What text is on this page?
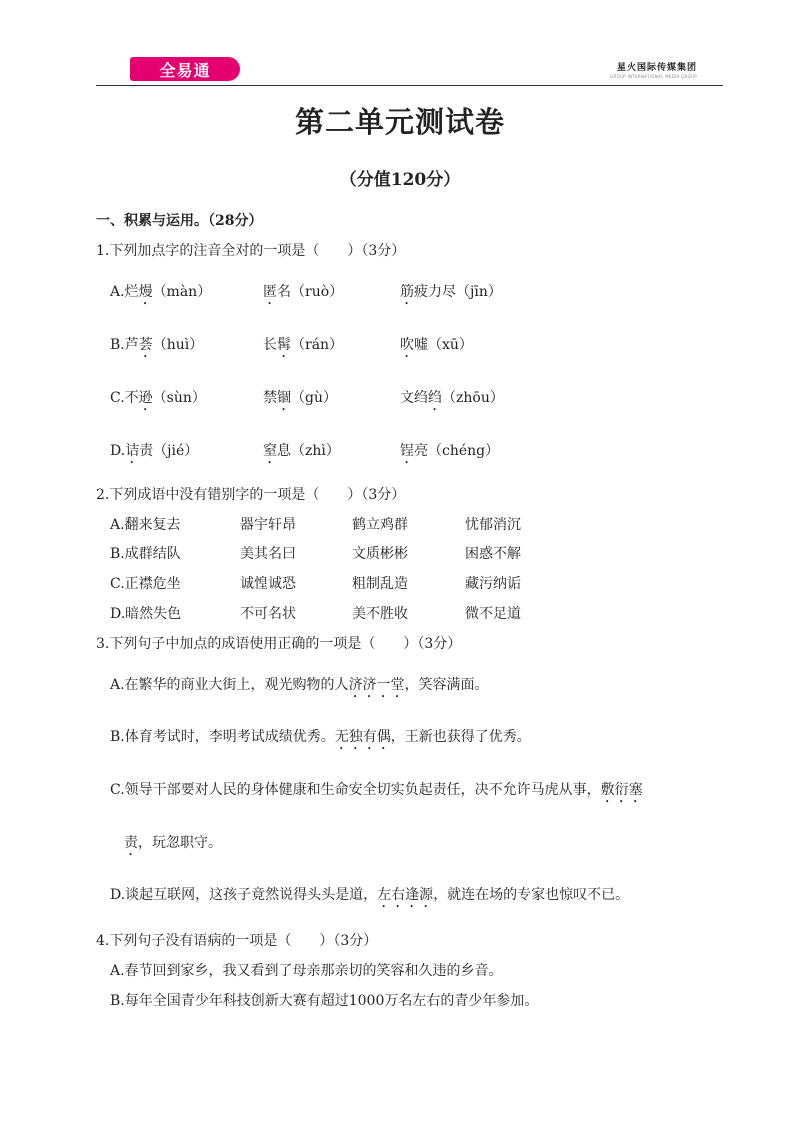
全易通	星火国际传媒集团
GROUP INTERNATIONAL MEDIA GROUP
第二单元测试卷
（分值120分）
一、积累与运用。（28分）
1.下列加点字的注音全对的一项是（　　）（3分）
A.烂熳（màn）	匿名（ruò）	筋疲力尽（jīn）
B.芦荟（huì）	长髯（rán）	吹嘘（xū）
C.不逊（sùn）	禁锢（gù）	文绉绉（zhōu）
D.诘责（jié）	窒息（zhì）	锃亮（chéng）
2.下列成语中没有错别字的一项是（　　）（3分）
A.翻来复去	器宇轩昂	鹤立鸡群	忧郁消沉
B.成群结队	美其名曰	文质彬彬	困惑不解
C.正襟危坐	诚惶诚恐	粗制乱造	藏污纳诟
D.暗然失色	不可名状	美不胜收	微不足道
3.下列句子中加点的成语使用正确的一项是（　　）（3分）
A.在繁华的商业大街上，观光购物的人济济一堂，笑容满面。
B.体育考试时，李明考试成绩优秀。无独有偶，王新也获得了优秀。
C.领导干部要对人民的身体健康和生命安全切实负起责任，决不允许马虎从事，敷衍塞
责，玩忽职守。
D.谈起互联网，这孩子竟然说得头头是道，左右逢源，就连在场的专家也惊叹不已。
4.下列句子没有语病的一项是（　　）（3分）
A.春节回到家乡，我又看到了母亲那亲切的笑容和久违的乡音。
B.每年全国青少年科技创新大赛有超过1000万名左右的青少年参加。
